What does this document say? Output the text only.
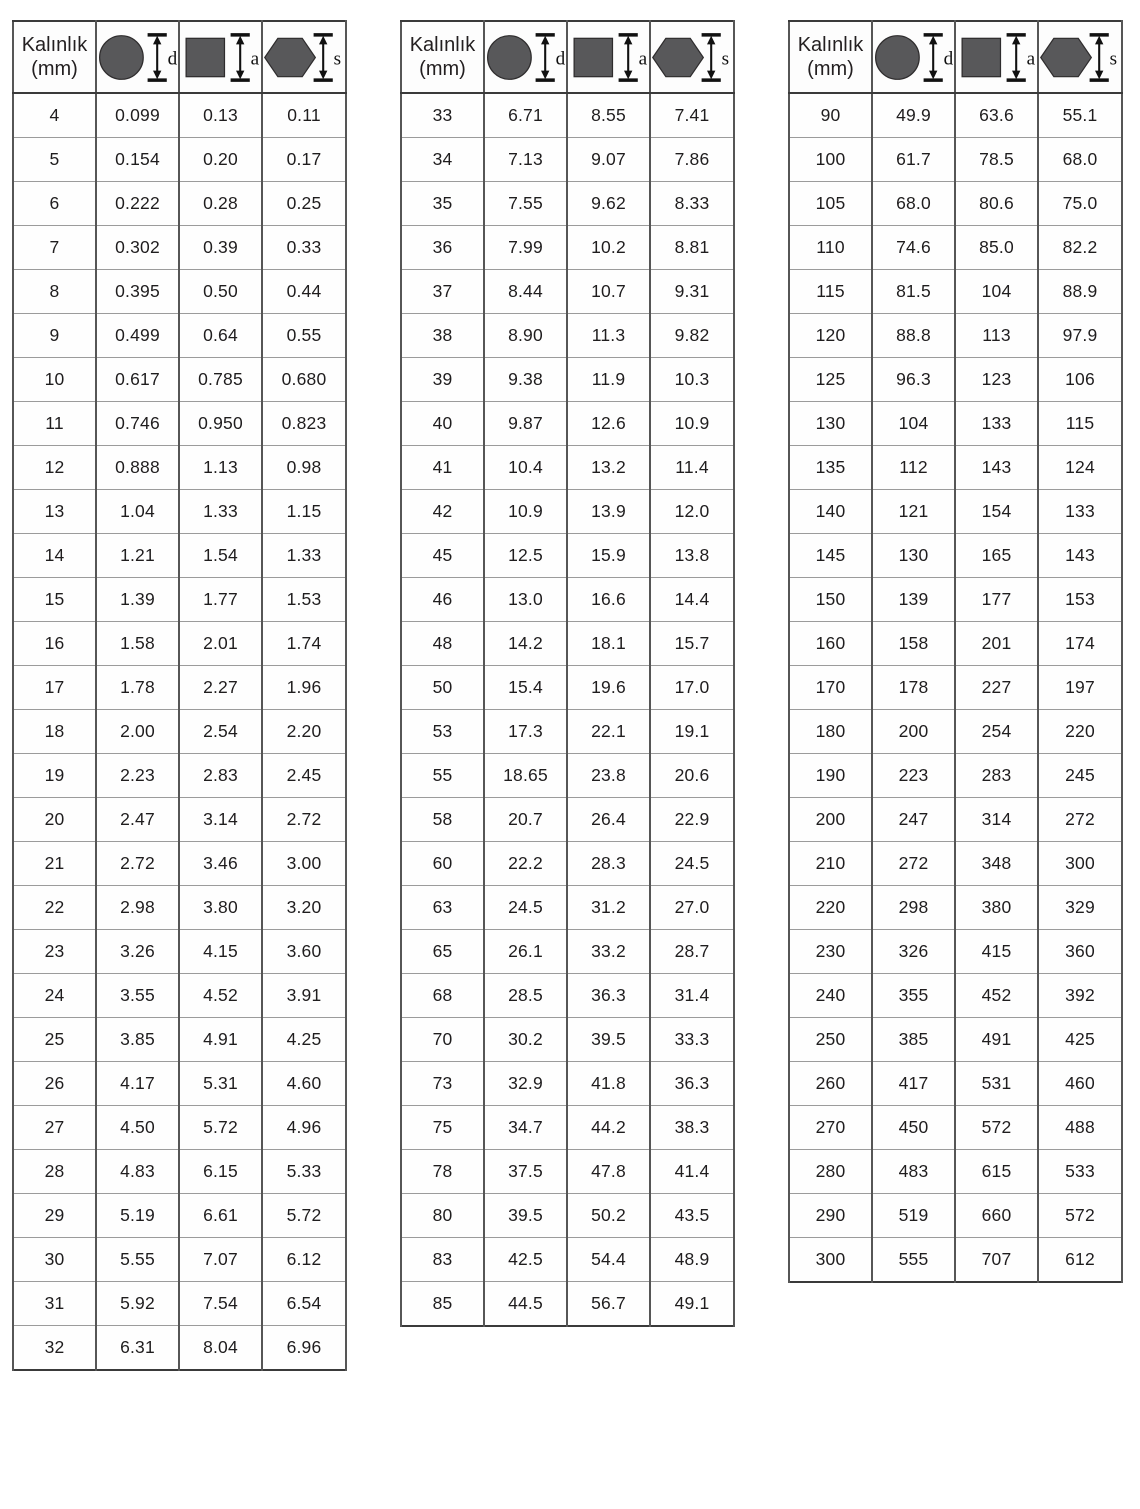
Kalınlık
(mm)	d	a	s

4	0.099	0.13	0.11
5	0.154	0.20	0.17
6	0.222	0.28	0.25
7	0.302	0.39	0.33
8	0.395	0.50	0.44
9	0.499	0.64	0.55
10	0.617	0.785	0.680
11	0.746	0.950	0.823
12	0.888	1.13	0.98
13	1.04	1.33	1.15
14	1.21	1.54	1.33
15	1.39	1.77	1.53
16	1.58	2.01	1.74
17	1.78	2.27	1.96
18	2.00	2.54	2.20
19	2.23	2.83	2.45
20	2.47	3.14	2.72
21	2.72	3.46	3.00
22	2.98	3.80	3.20
23	3.26	4.15	3.60
24	3.55	4.52	3.91
25	3.85	4.91	4.25
26	4.17	5.31	4.60
27	4.50	5.72	4.96
28	4.83	6.15	5.33
29	5.19	6.61	5.72
30	5.55	7.07	6.12
31	5.92	7.54	6.54
32	6.31	8.04	6.96
Kalınlık
(mm)	d	a	s

33	6.71	8.55	7.41
34	7.13	9.07	7.86
35	7.55	9.62	8.33
36	7.99	10.2	8.81
37	8.44	10.7	9.31
38	8.90	11.3	9.82
39	9.38	11.9	10.3
40	9.87	12.6	10.9
41	10.4	13.2	11.4
42	10.9	13.9	12.0
45	12.5	15.9	13.8
46	13.0	16.6	14.4
48	14.2	18.1	15.7
50	15.4	19.6	17.0
53	17.3	22.1	19.1
55	18.65	23.8	20.6
58	20.7	26.4	22.9
60	22.2	28.3	24.5
63	24.5	31.2	27.0
65	26.1	33.2	28.7
68	28.5	36.3	31.4
70	30.2	39.5	33.3
73	32.9	41.8	36.3
75	34.7	44.2	38.3
78	37.5	47.8	41.4
80	39.5	50.2	43.5
83	42.5	54.4	48.9
85	44.5	56.7	49.1
Kalınlık
(mm)	d	a	s

90	49.9	63.6	55.1
100	61.7	78.5	68.0
105	68.0	80.6	75.0
110	74.6	85.0	82.2
115	81.5	104	88.9
120	88.8	113	97.9
125	96.3	123	106
130	104	133	115
135	112	143	124
140	121	154	133
145	130	165	143
150	139	177	153
160	158	201	174
170	178	227	197
180	200	254	220
190	223	283	245
200	247	314	272
210	272	348	300
220	298	380	329
230	326	415	360
240	355	452	392
250	385	491	425
260	417	531	460
270	450	572	488
280	483	615	533
290	519	660	572
300	555	707	612
